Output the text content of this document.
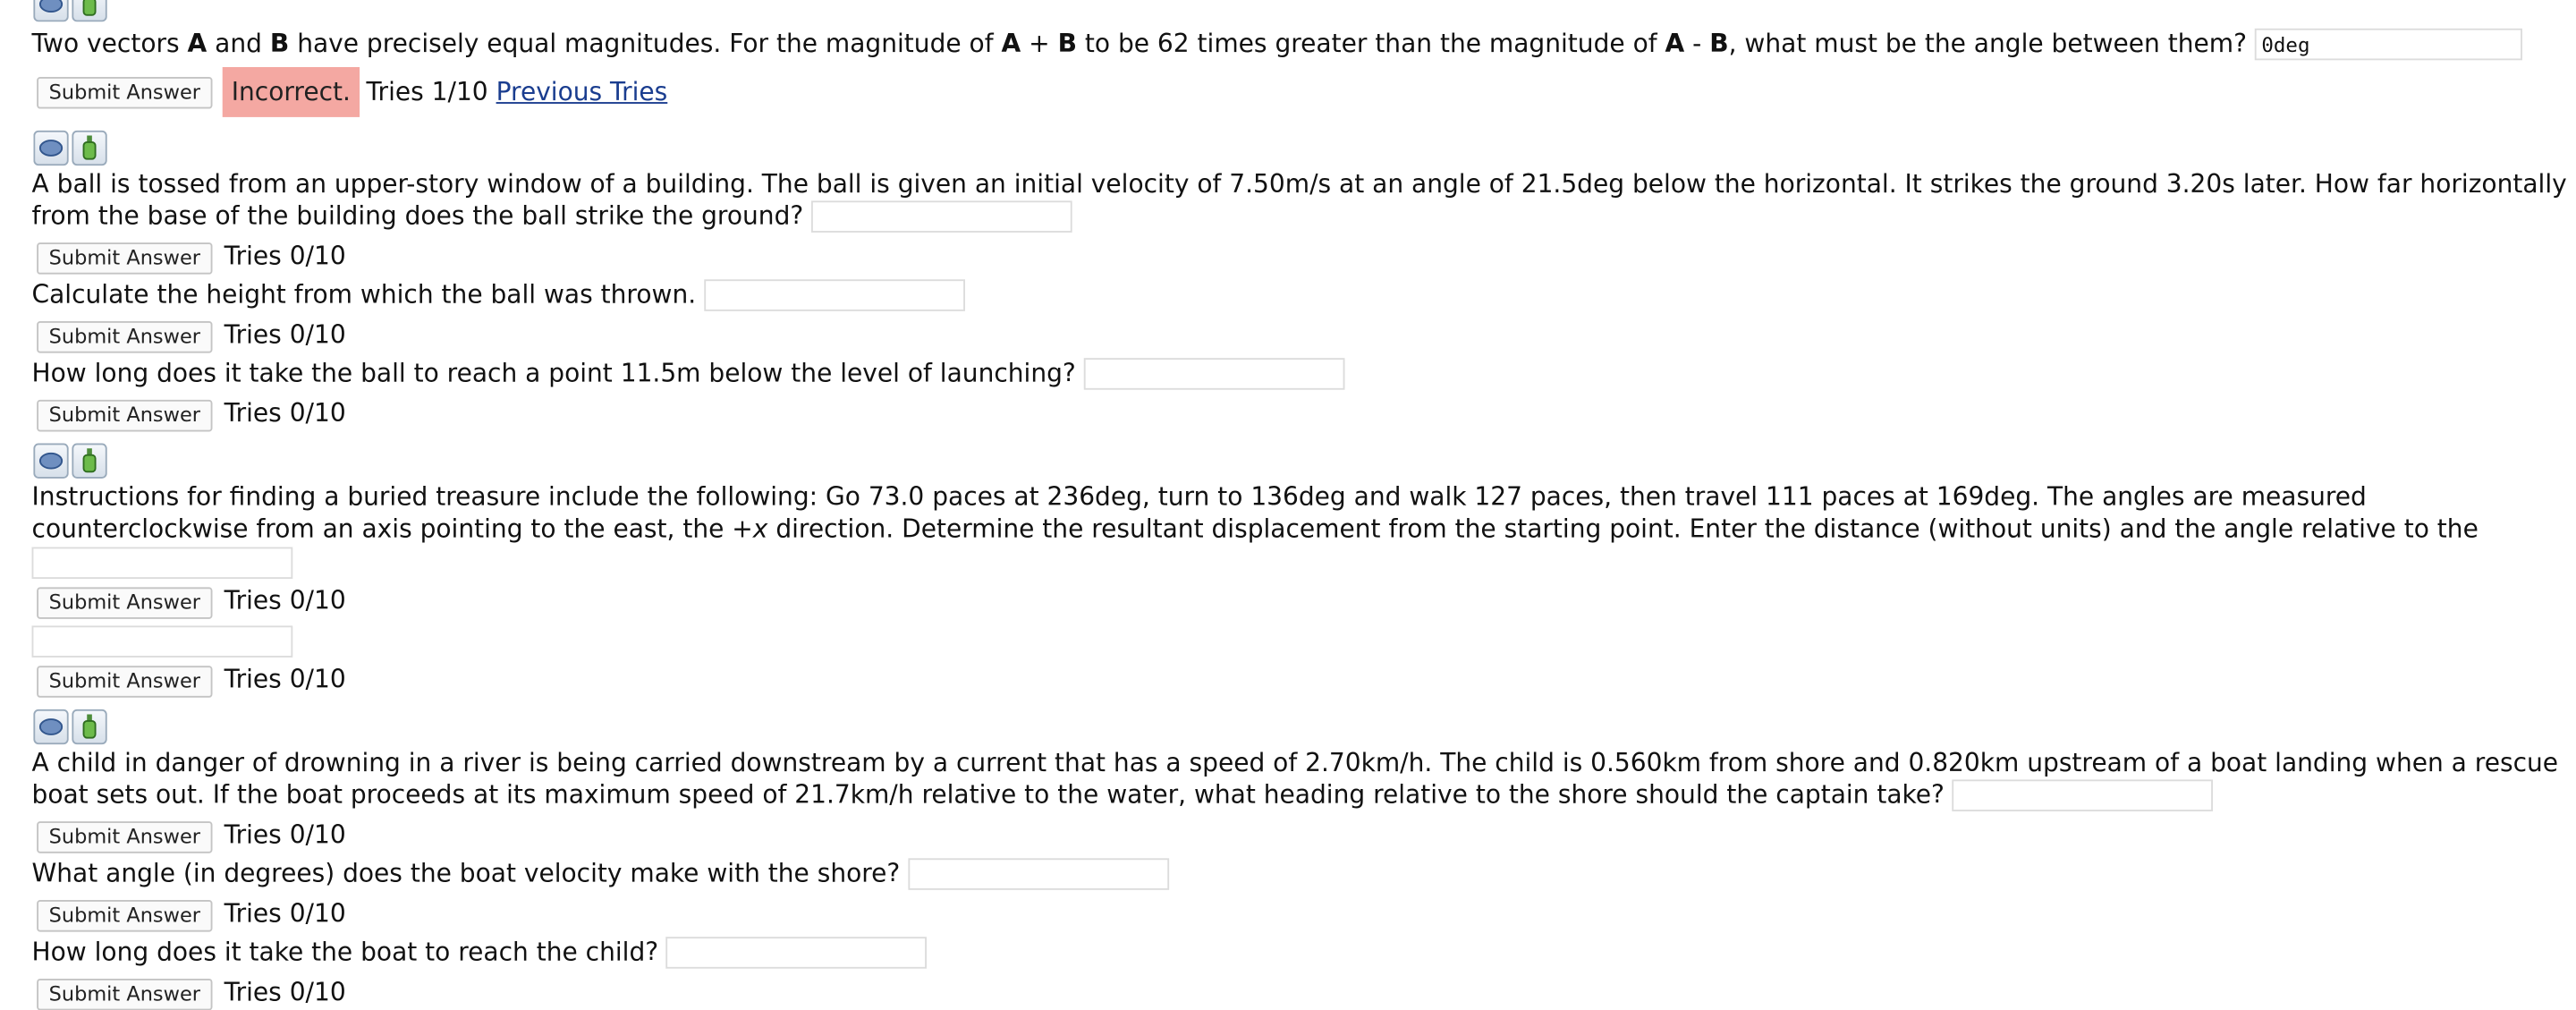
Two vectors A and B have precisely equal magnitudes. For the magnitude of A + B to be 62 times greater than the magnitude of A - B, what must be the angle between them? 0deg
Submit Answer	Incorrect.	Tries 1/10 Previous Tries
A ball is tossed from an upper-story window of a building. The ball is given an initial velocity of 7.50m/s at an angle of 21.5deg below the horizontal. It strikes the ground 3.20s later. How far horizontally from the base of the building does the ball strike the ground?
Submit Answer	Tries 0/10
Calculate the height from which the ball was thrown.
Submit Answer	Tries 0/10
How long does it take the ball to reach a point 11.5m below the level of launching?
Submit Answer	Tries 0/10
Instructions for finding a buried treasure include the following: Go 73.0 paces at 236deg, turn to 136deg and walk 127 paces, then travel 111 paces at 169deg. The angles are measured counterclockwise from an axis pointing to the east, the +x direction. Determine the resultant displacement from the starting point. Enter the distance (without units) and the angle relative to the
Submit Answer	Tries 0/10
Submit Answer	Tries 0/10
A child in danger of drowning in a river is being carried downstream by a current that has a speed of 2.70km/h. The child is 0.560km from shore and 0.820km upstream of a boat landing when a rescue boat sets out. If the boat proceeds at its maximum speed of 21.7km/h relative to the water, what heading relative to the shore should the captain take?
Submit Answer	Tries 0/10
What angle (in degrees) does the boat velocity make with the shore?
Submit Answer	Tries 0/10
How long does it take the boat to reach the child?
Submit Answer	Tries 0/10
